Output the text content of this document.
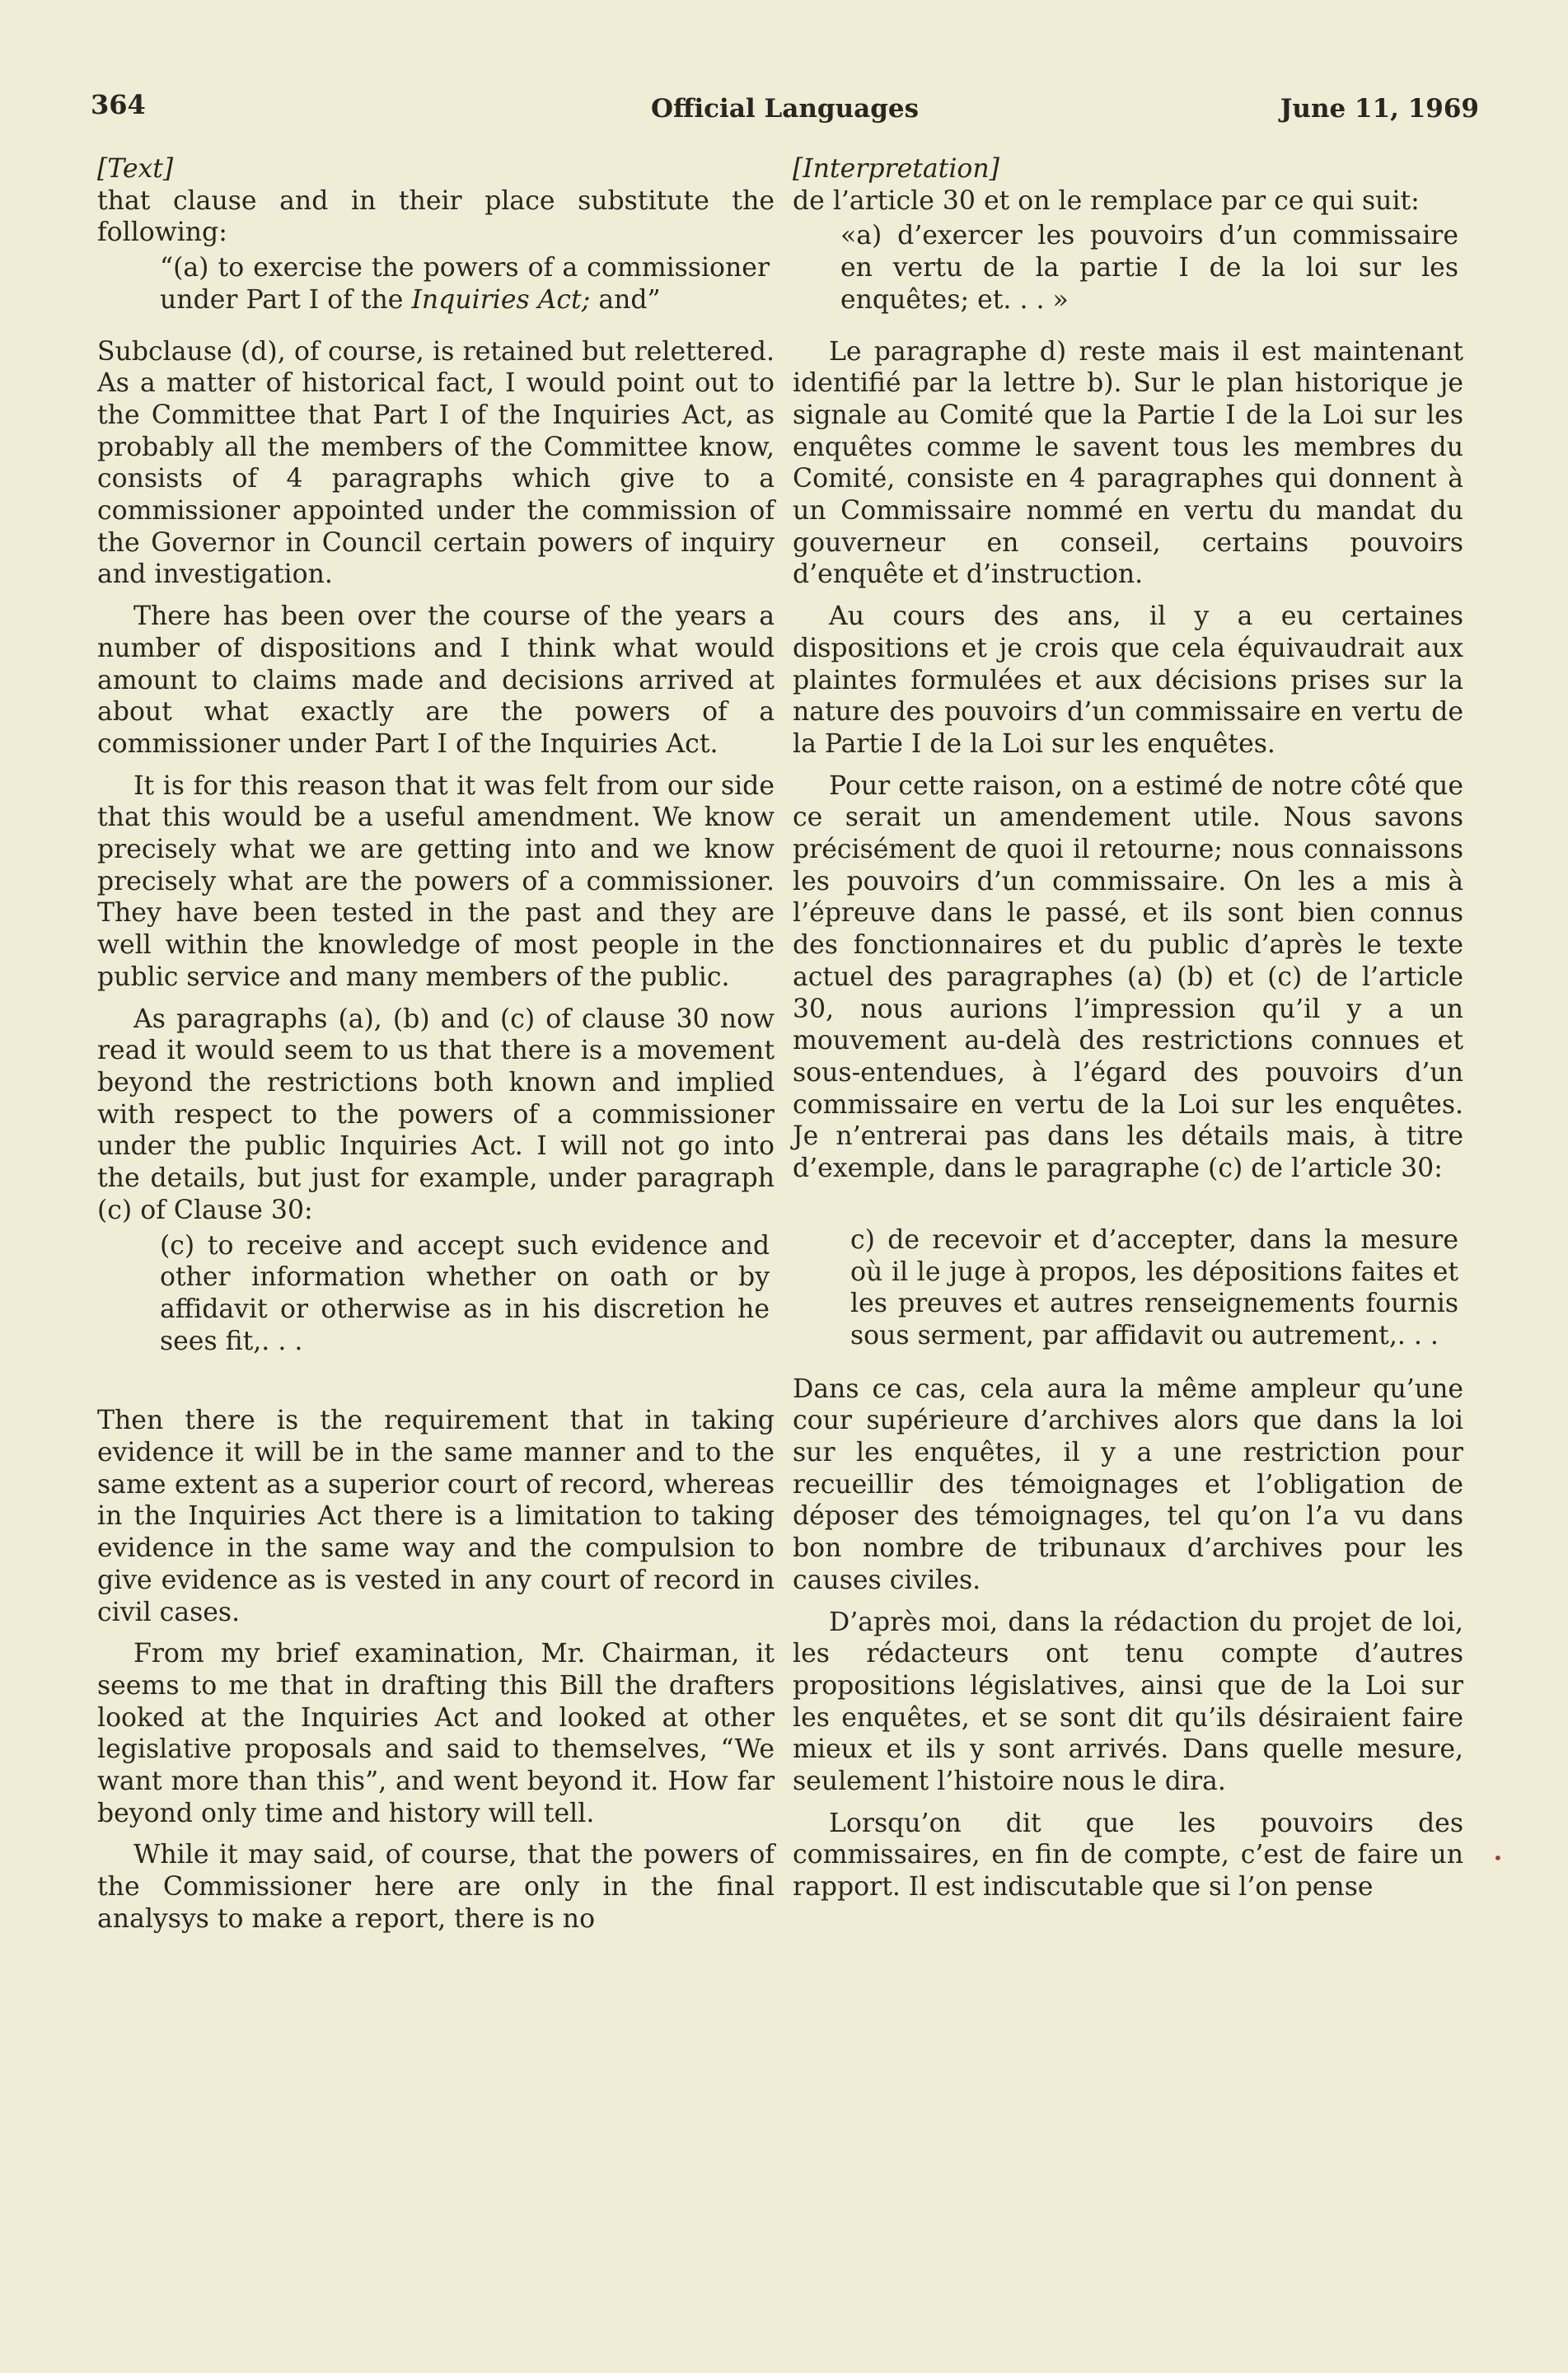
364	Official Languages	June 11, 1969

[Text]

that clause and in their place substitute the following:

“(a) to exercise the powers of a commissioner under Part I of the Inquiries Act; and”

Subclause (d), of course, is retained but relettered. As a matter of historical fact, I would point out to the Committee that Part I of the Inquiries Act, as probably all the members of the Committee know, consists of 4 paragraphs which give to a commissioner appointed under the commission of the Governor in Council certain powers of inquiry and investigation.

There has been over the course of the years a number of dispositions and I think what would amount to claims made and decisions arrived at about what exactly are the powers of a commissioner under Part I of the Inquiries Act.

It is for this reason that it was felt from our side that this would be a useful amendment. We know precisely what we are getting into and we know precisely what are the powers of a commissioner. They have been tested in the past and they are well within the knowledge of most people in the public service and many members of the public.

As paragraphs (a), (b) and (c) of clause 30 now read it would seem to us that there is a movement beyond the restrictions both known and implied with respect to the powers of a commissioner under the public Inquiries Act. I will not go into the details, but just for example, under paragraph (c) of Clause 30:

(c) to receive and accept such evidence and other information whether on oath or by affidavit or otherwise as in his discretion he sees fit,. . .

Then there is the requirement that in taking evidence it will be in the same manner and to the same extent as a superior court of record, whereas in the Inquiries Act there is a limitation to taking evidence in the same way and the compulsion to give evidence as is vested in any court of record in civil cases.

From my brief examination, Mr. Chairman, it seems to me that in drafting this Bill the drafters looked at the Inquiries Act and looked at other legislative proposals and said to themselves, “We want more than this”, and went beyond it. How far beyond only time and history will tell.

While it may said, of course, that the powers of the Commissioner here are only in the final analysys to make a report, there is no

[Interpretation]

de l’article 30 et on le remplace par ce qui suit:

«a) d’exercer les pouvoirs d’un commissaire en vertu de la partie I de la loi sur les enquêtes; et. . . »

Le paragraphe d) reste mais il est maintenant identifié par la lettre b). Sur le plan historique je signale au Comité que la Partie I de la Loi sur les enquêtes comme le savent tous les membres du Comité, consiste en 4 paragraphes qui donnent à un Commissaire nommé en vertu du mandat du gouverneur en conseil, certains pouvoirs d’enquête et d’instruction.

Au cours des ans, il y a eu certaines dispositions et je crois que cela équivaudrait aux plaintes formulées et aux décisions prises sur la nature des pouvoirs d’un commissaire en vertu de la Partie I de la Loi sur les enquêtes.

Pour cette raison, on a estimé de notre côté que ce serait un amendement utile. Nous savons précisément de quoi il retourne; nous connaissons les pouvoirs d’un commissaire. On les a mis à l’épreuve dans le passé, et ils sont bien connus des fonctionnaires et du public d’après le texte actuel des paragraphes (a) (b) et (c) de l’article 30, nous aurions l’impression qu’il y a un mouvement au-delà des restrictions connues et sous-entendues, à l’égard des pouvoirs d’un commissaire en vertu de la Loi sur les enquêtes. Je n’entrerai pas dans les détails mais, à titre d’exemple, dans le paragraphe (c) de l’article 30:

c) de recevoir et d’accepter, dans la mesure où il le juge à propos, les dépositions faites et les preuves et autres renseignements fournis sous serment, par affidavit ou autrement,. . .

Dans ce cas, cela aura la même ampleur qu’une cour supérieure d’archives alors que dans la loi sur les enquêtes, il y a une restriction pour recueillir des témoignages et l’obligation de déposer des témoignages, tel qu’on l’a vu dans bon nombre de tribunaux d’archives pour les causes civiles.

D’après moi, dans la rédaction du projet de loi, les rédacteurs ont tenu compte d’autres propositions législatives, ainsi que de la Loi sur les enquêtes, et se sont dit qu’ils désiraient faire mieux et ils y sont arrivés. Dans quelle mesure, seulement l’histoire nous le dira.

Lorsqu’on dit que les pouvoirs des commissaires, en fin de compte, c’est de faire un rapport. Il est indiscutable que si l’on pense

•
